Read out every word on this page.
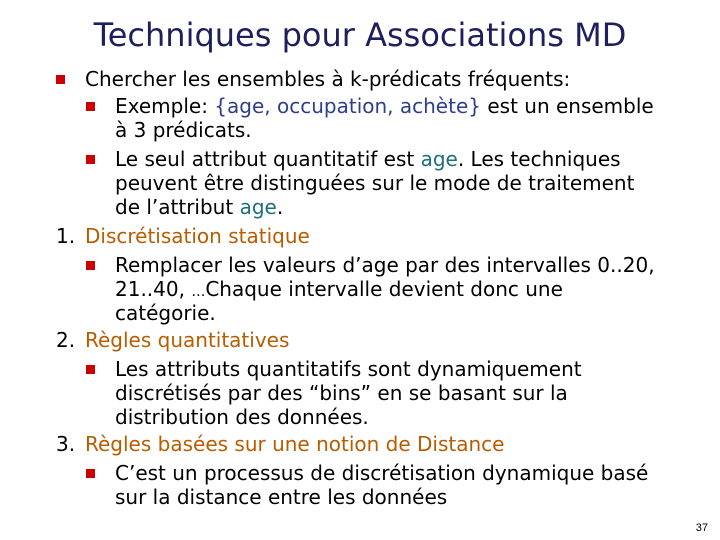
Techniques pour Associations MD

Chercher les ensembles à k-prédicats fréquents:

Exemple: {age, occupation, achète} est un ensemble

à 3 prédicats.

Le seul attribut quantitatif est age. Les techniques

peuvent être distinguées sur le mode de traitement

de l’attribut age.

1. Discrétisation statique

Remplacer les valeurs d’age par des intervalles 0..20,

21..40, …Chaque intervalle devient donc une

catégorie.

2. Règles quantitatives

Les attributs quantitatifs sont dynamiquement

discrétisés par des “bins” en se basant sur la

distribution des données.

3. Règles basées sur une notion de Distance

C’est un processus de discrétisation dynamique basé

sur la distance entre les données

37
